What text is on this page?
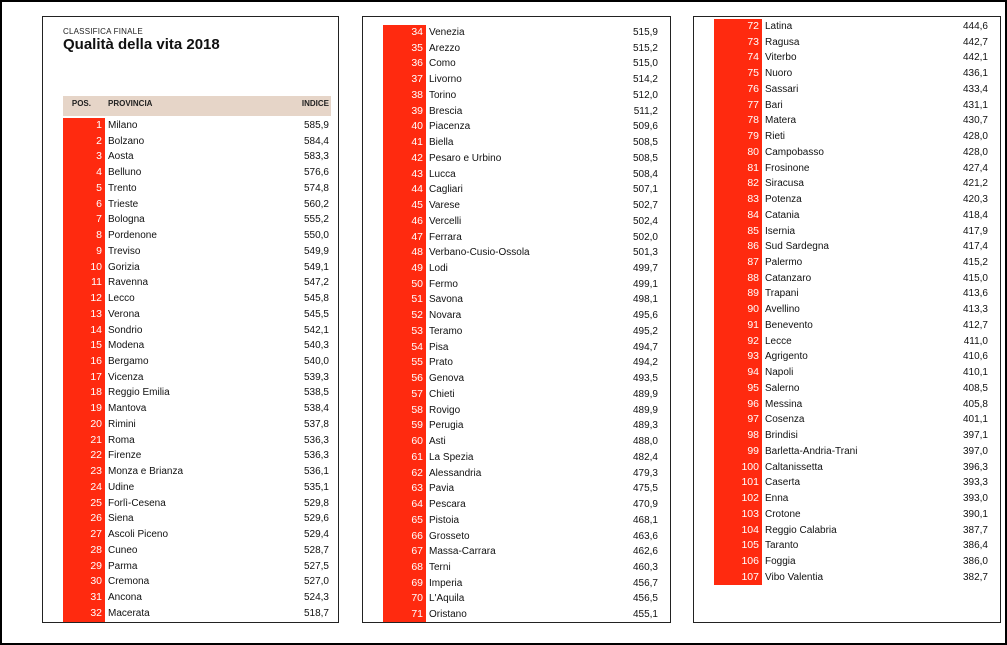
CLASSIFICA FINALE
Qualità della vita 2018
POS. PROVINCIA	INDICE
1 Milano	585,9
2 Bolzano	584,4
3 Aosta	583,3
4 Belluno	576,6
5 Trento	574,8
6 Trieste	560,2
7 Bologna	555,2
8 Pordenone	550,0
9 Treviso	549,9
10 Gorizia	549,1
11 Ravenna	547,2
12 Lecco	545,8
13 Verona	545,5
14 Sondrio	542,1
15 Modena	540,3
16 Bergamo	540,0
17 Vicenza	539,3
18 Reggio Emilia	538,5
19 Mantova	538,4
20 Rimini	537,8
21 Roma	536,3
22 Firenze	536,3
23 Monza e Brianza	536,1
24 Udine	535,1
25 Forlì-Cesena	529,8
26 Siena	529,6
27 Ascoli Piceno	529,4
28 Cuneo	528,7
29 Parma	527,5
30 Cremona	527,0
31 Ancona	524,3
32 Macerata	518,7
34 Venezia	515,9
35 Arezzo	515,2
36 Como	515,0
37 Livorno	514,2
38 Torino	512,0
39 Brescia	511,2
40 Piacenza	509,6
41 Biella	508,5
42 Pesaro e Urbino	508,5
43 Lucca	508,4
44 Cagliari	507,1
45 Varese	502,7
46 Vercelli	502,4
47 Ferrara	502,0
48 Verbano-Cusio-Ossola	501,3
49 Lodi	499,7
50 Fermo	499,1
51 Savona	498,1
52 Novara	495,6
53 Teramo	495,2
54 Pisa	494,7
55 Prato	494,2
56 Genova	493,5
57 Chieti	489,9
58 Rovigo	489,9
59 Perugia	489,3
60 Asti	488,0
61 La Spezia	482,4
62 Alessandria	479,3
63 Pavia	475,5
64 Pescara	470,9
65 Pistoia	468,1
66 Grosseto	463,6
67 Massa-Carrara	462,6
68 Terni	460,3
69 Imperia	456,7
70 L'Aquila	456,5
71 Oristano	455,1
72 Latina	444,6
73 Ragusa	442,7
74 Viterbo	442,1
75 Nuoro	436,1
76 Sassari	433,4
77 Bari	431,1
78 Matera	430,7
79 Rieti	428,0
80 Campobasso	428,0
81 Frosinone	427,4
82 Siracusa	421,2
83 Potenza	420,3
84 Catania	418,4
85 Isernia	417,9
86 Sud Sardegna	417,4
87 Palermo	415,2
88 Catanzaro	415,0
89 Trapani	413,6
90 Avellino	413,3
91 Benevento	412,7
92 Lecce	411,0
93 Agrigento	410,6
94 Napoli	410,1
95 Salerno	408,5
96 Messina	405,8
97 Cosenza	401,1
98 Brindisi	397,1
99 Barletta-Andria-Trani	397,0
100 Caltanissetta	396,3
101 Caserta	393,3
102 Enna	393,0
103 Crotone	390,1
104 Reggio Calabria	387,7
105 Taranto	386,4
106 Foggia	386,0
107 Vibo Valentia	382,7
